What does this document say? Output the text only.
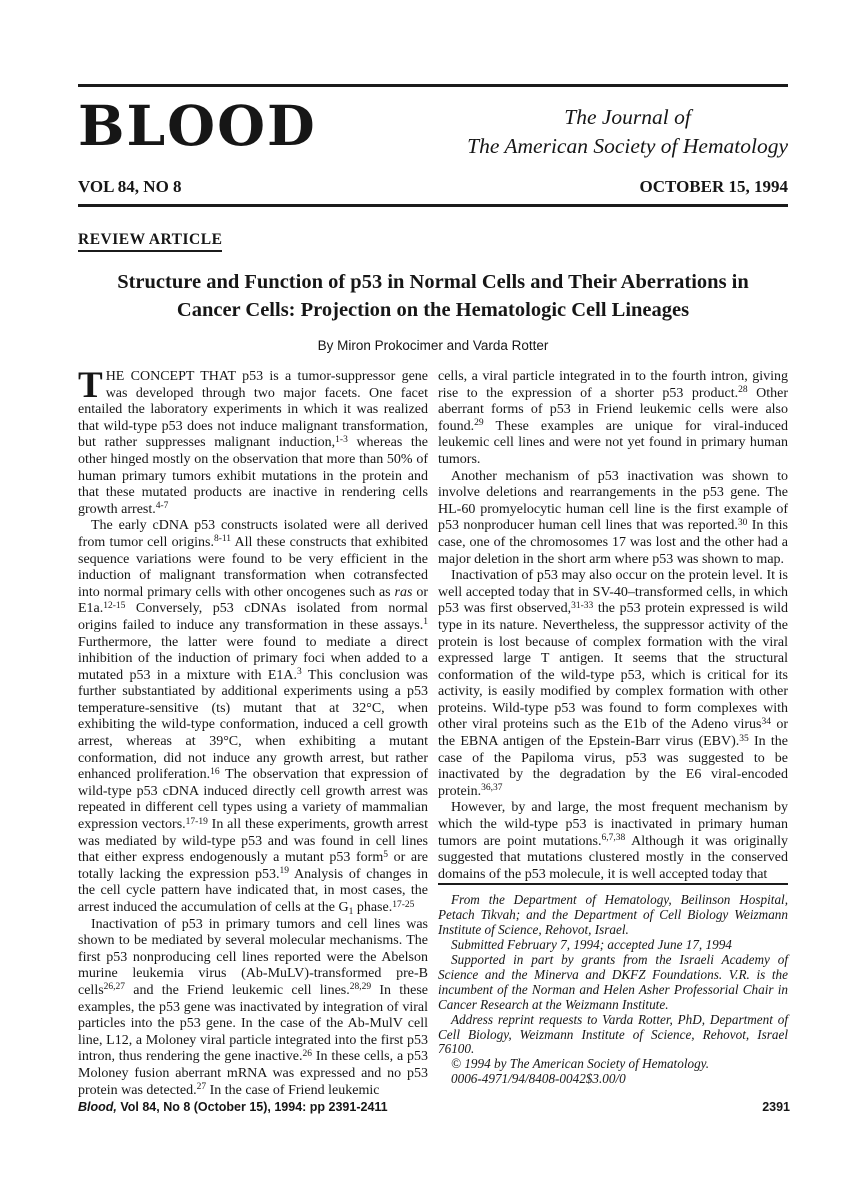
BLOOD	The Journal of
The American Society of Hematology
VOL 84, NO 8	OCTOBER 15, 1994
REVIEW ARTICLE
Structure and Function of p53 in Normal Cells and Their Aberrations in
Cancer Cells: Projection on the Hematologic Cell Lineages
By Miron Prokocimer and Varda Rotter

THE CONCEPT THAT p53 is a tumor-suppressor gene was developed through two major facets. One facet entailed the laboratory experiments in which it was realized that wild-type p53 does not induce malignant transformation, but rather suppresses malignant induction,$^{1-3}$ whereas the other hinged mostly on the observation that more than 50% of human primary tumors exhibit mutations in the protein and that these mutated products are inactive in rendering cells growth arrest.$^{4-7}$

The early cDNA p53 constructs isolated were all derived from tumor cell origins.$^{8-11}$ All these constructs that exhibited sequence variations were found to be very efficient in the induction of malignant transformation when cotransfected into normal primary cells with other oncogenes such as ras or E1a.$^{12-15}$ Conversely, p53 cDNAs isolated from normal origins failed to induce any transformation in these assays.$^1$ Furthermore, the latter were found to mediate a direct inhibition of the induction of primary foci when added to a mutated p53 in a mixture with E1A.$^3$ This conclusion was further substantiated by additional experiments using a p53 temperature-sensitive (ts) mutant that at 32°C, when exhibiting the wild-type conformation, induced a cell growth arrest, whereas at 39°C, when exhibiting a mutant conformation, did not induce any growth arrest, but rather enhanced proliferation.$^{16}$ The observation that expression of wild-type p53 cDNA induced directly cell growth arrest was repeated in different cell types using a variety of mammalian expression vectors.$^{17-19}$ In all these experiments, growth arrest was mediated by wild-type p53 and was found in cell lines that either express endogenously a mutant p53 form$^5$ or are totally lacking the expression p53.19 Analysis of changes in the cell cycle pattern have indicated that, in most cases, the arrest induced the accumulation of cells at the $G_1$ phase.$^{17-25}$

Inactivation of p53 in primary tumors and cell lines was shown to be mediated by several molecular mechanisms. The first p53 nonproducing cell lines reported were the Abelson murine leukemia virus (Ab-MuLV)-transformed pre-B cells$^{26,27}$ and the Friend leukemic cell lines.$^{28,29}$ In these examples, the p53 gene was inactivated by integration of viral particles into the p53 gene. In the case of the Ab-MulV cell line, L12, a Moloney viral particle integrated into the first p53 intron, thus rendering the gene inactive.$^{26}$ In these cells, a p53 Moloney fusion aberrant mRNA was expressed and no p53 protein was detected.$^{27}$ In the case of Friend leukemic

cells, a viral particle integrated in to the fourth intron, giving rise to the expression of a shorter p53 product.$^{28}$ Other aberrant forms of p53 in Friend leukemic cells were also found.$^{29}$ These examples are unique for viral-induced leukemic cell lines and were not yet found in primary human tumors.

Another mechanism of p53 inactivation was shown to involve deletions and rearrangements in the p53 gene. The HL-60 promyelocytic human cell line is the first example of p53 nonproducer human cell lines that was reported.$^{30}$ In this case, one of the chromosomes 17 was lost and the other had a major deletion in the short arm where p53 was shown to map.

Inactivation of p53 may also occur on the protein level. It is well accepted today that in SV-40–transformed cells, in which p53 was first observed,$^{31-33}$ the p53 protein expressed is wild type in its nature. Nevertheless, the suppressor activity of the protein is lost because of complex formation with the viral expressed large T antigen. It seems that the structural conformation of the wild-type p53, which is critical for its activity, is easily modified by complex formation with other proteins. Wild-type p53 was found to form complexes with other viral proteins such as the E1b of the Adeno virus$^{34}$ or the EBNA antigen of the Epstein-Barr virus (EBV).$^{35}$ In the case of the Papiloma virus, p53 was suggested to be inactivated by the degradation by the E6 viral-encoded protein.$^{36,37}$

However, by and large, the most frequent mechanism by which the wild-type p53 is inactivated in primary human tumors are point mutations.$^{6,7,38}$ Although it was originally suggested that mutations clustered mostly in the conserved domains of the p53 molecule, it is well accepted today that

From the Department of Hematology, Beilinson Hospital, Petach Tikvah; and the Department of Cell Biology Weizmann Institute of Science, Rehovot, Israel.

Submitted February 7, 1994; accepted June 17, 1994

Supported in part by grants from the Israeli Academy of Science and the Minerva and DKFZ Foundations. V.R. is the incumbent of the Norman and Helen Asher Professorial Chair in Cancer Research at the Weizmann Institute.

Address reprint requests to Varda Rotter, PhD, Department of Cell Biology, Weizmann Institute of Science, Rehovot, Israel 76100.

© 1994 by The American Society of Hematology.

0006-4971/94/8408-0042$3.00/0

Blood, Vol 84, No 8 (October 15), 1994: pp 2391-2411	2391
